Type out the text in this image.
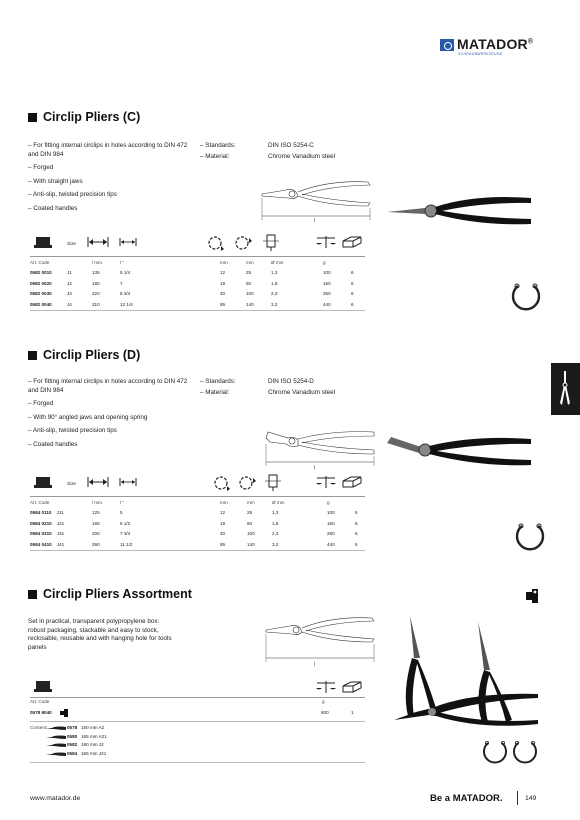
MATADOR®
SCHRAUBWERKZEUGE
Circlip Pliers (C)
– For fitting internal circlips in holes according to DIN 472 and DIN 984
– Forged
– With straight jaws
– Anti-slip, twisted precision tips
– Coated handles
– Standards:	DIN ISO 5254-C
– Material:	Chrome Vanadium steel
l
Size
Art. Code		l mm	l "	mm	mm	Ø mm	g	
0582 0010	J1	135	5 1/4	12	25	1,3	100	6
0582 0020	J2	180	7	19	60	1,8	150	6
0582 0030	J3	220	8 3/4	40	100	2,3	250	6
0582 0040	J4	310	12 1/4	85	140	3,2	440	6
Circlip Pliers (D)
– For fitting internal circlips in holes according to DIN 472 and DIN 984
– Forged
– With 90° angled jaws and opening spring
– Anti-slip, twisted precision tips
– Coated handles
– Standards:	DIN ISO 5254-D
– Material:	Chrome Vanadium steel
l
Size
Art. Code	l mm	l "	mm	mm	Ø mm	g	
0584 0110 J11	125	5	12	25	1,3	100	6
0584 0210 J21	165	6 1/2	19	60	1,8	150	6
0584 0310 J31	200	7 3/4	40	100	2,3	250	6
0584 0410 J41	290	11 1/2	85	140	3,2	440	6
Circlip Pliers Assortment
Set in practical, transparent polypropylene box: robust packaging, stackable and easy to stock, reclosable, reusable and with hanging hole for tools panels
l
Art. Code	g
0578 9040	600	1
Content:	0578 180 mm A2
0580 165 mm A21
0582 180 mm J2
0584 165 mm J21
www.matador.de	Be a MATADOR.	149
